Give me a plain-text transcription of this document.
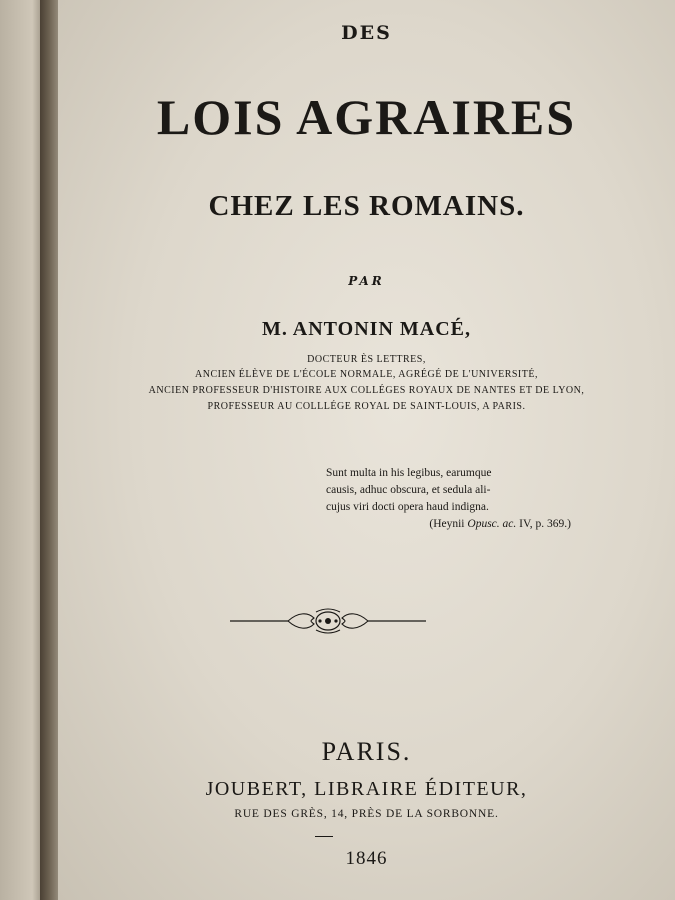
DES
LOIS AGRAIRES
CHEZ LES ROMAINS.
PAR
M. ANTONIN MACÉ,
DOCTEUR ÈS LETTRES,
ANCIEN ÉLÈVE DE L'ÉCOLE NORMALE, AGRÉGÉ DE L'UNIVERSITÉ,
ANCIEN PROFESSEUR D'HISTOIRE AUX COLLÉGES ROYAUX DE NANTES ET DE LYON,
PROFESSEUR AU COLLLÉGE ROYAL DE SAINT-LOUIS, A PARIS.
Sunt multa in his legibus, earumque
causis, adhuc obscura, et sedula ali-
cujus viri docti opera haud indigna.
(Heynii Opusc. ac. IV, p. 369.)
PARIS.
JOUBERT, LIBRAIRE ÉDITEUR,
RUE DES GRÈS, 14, PRÈS DE LA SORBONNE.
1846
